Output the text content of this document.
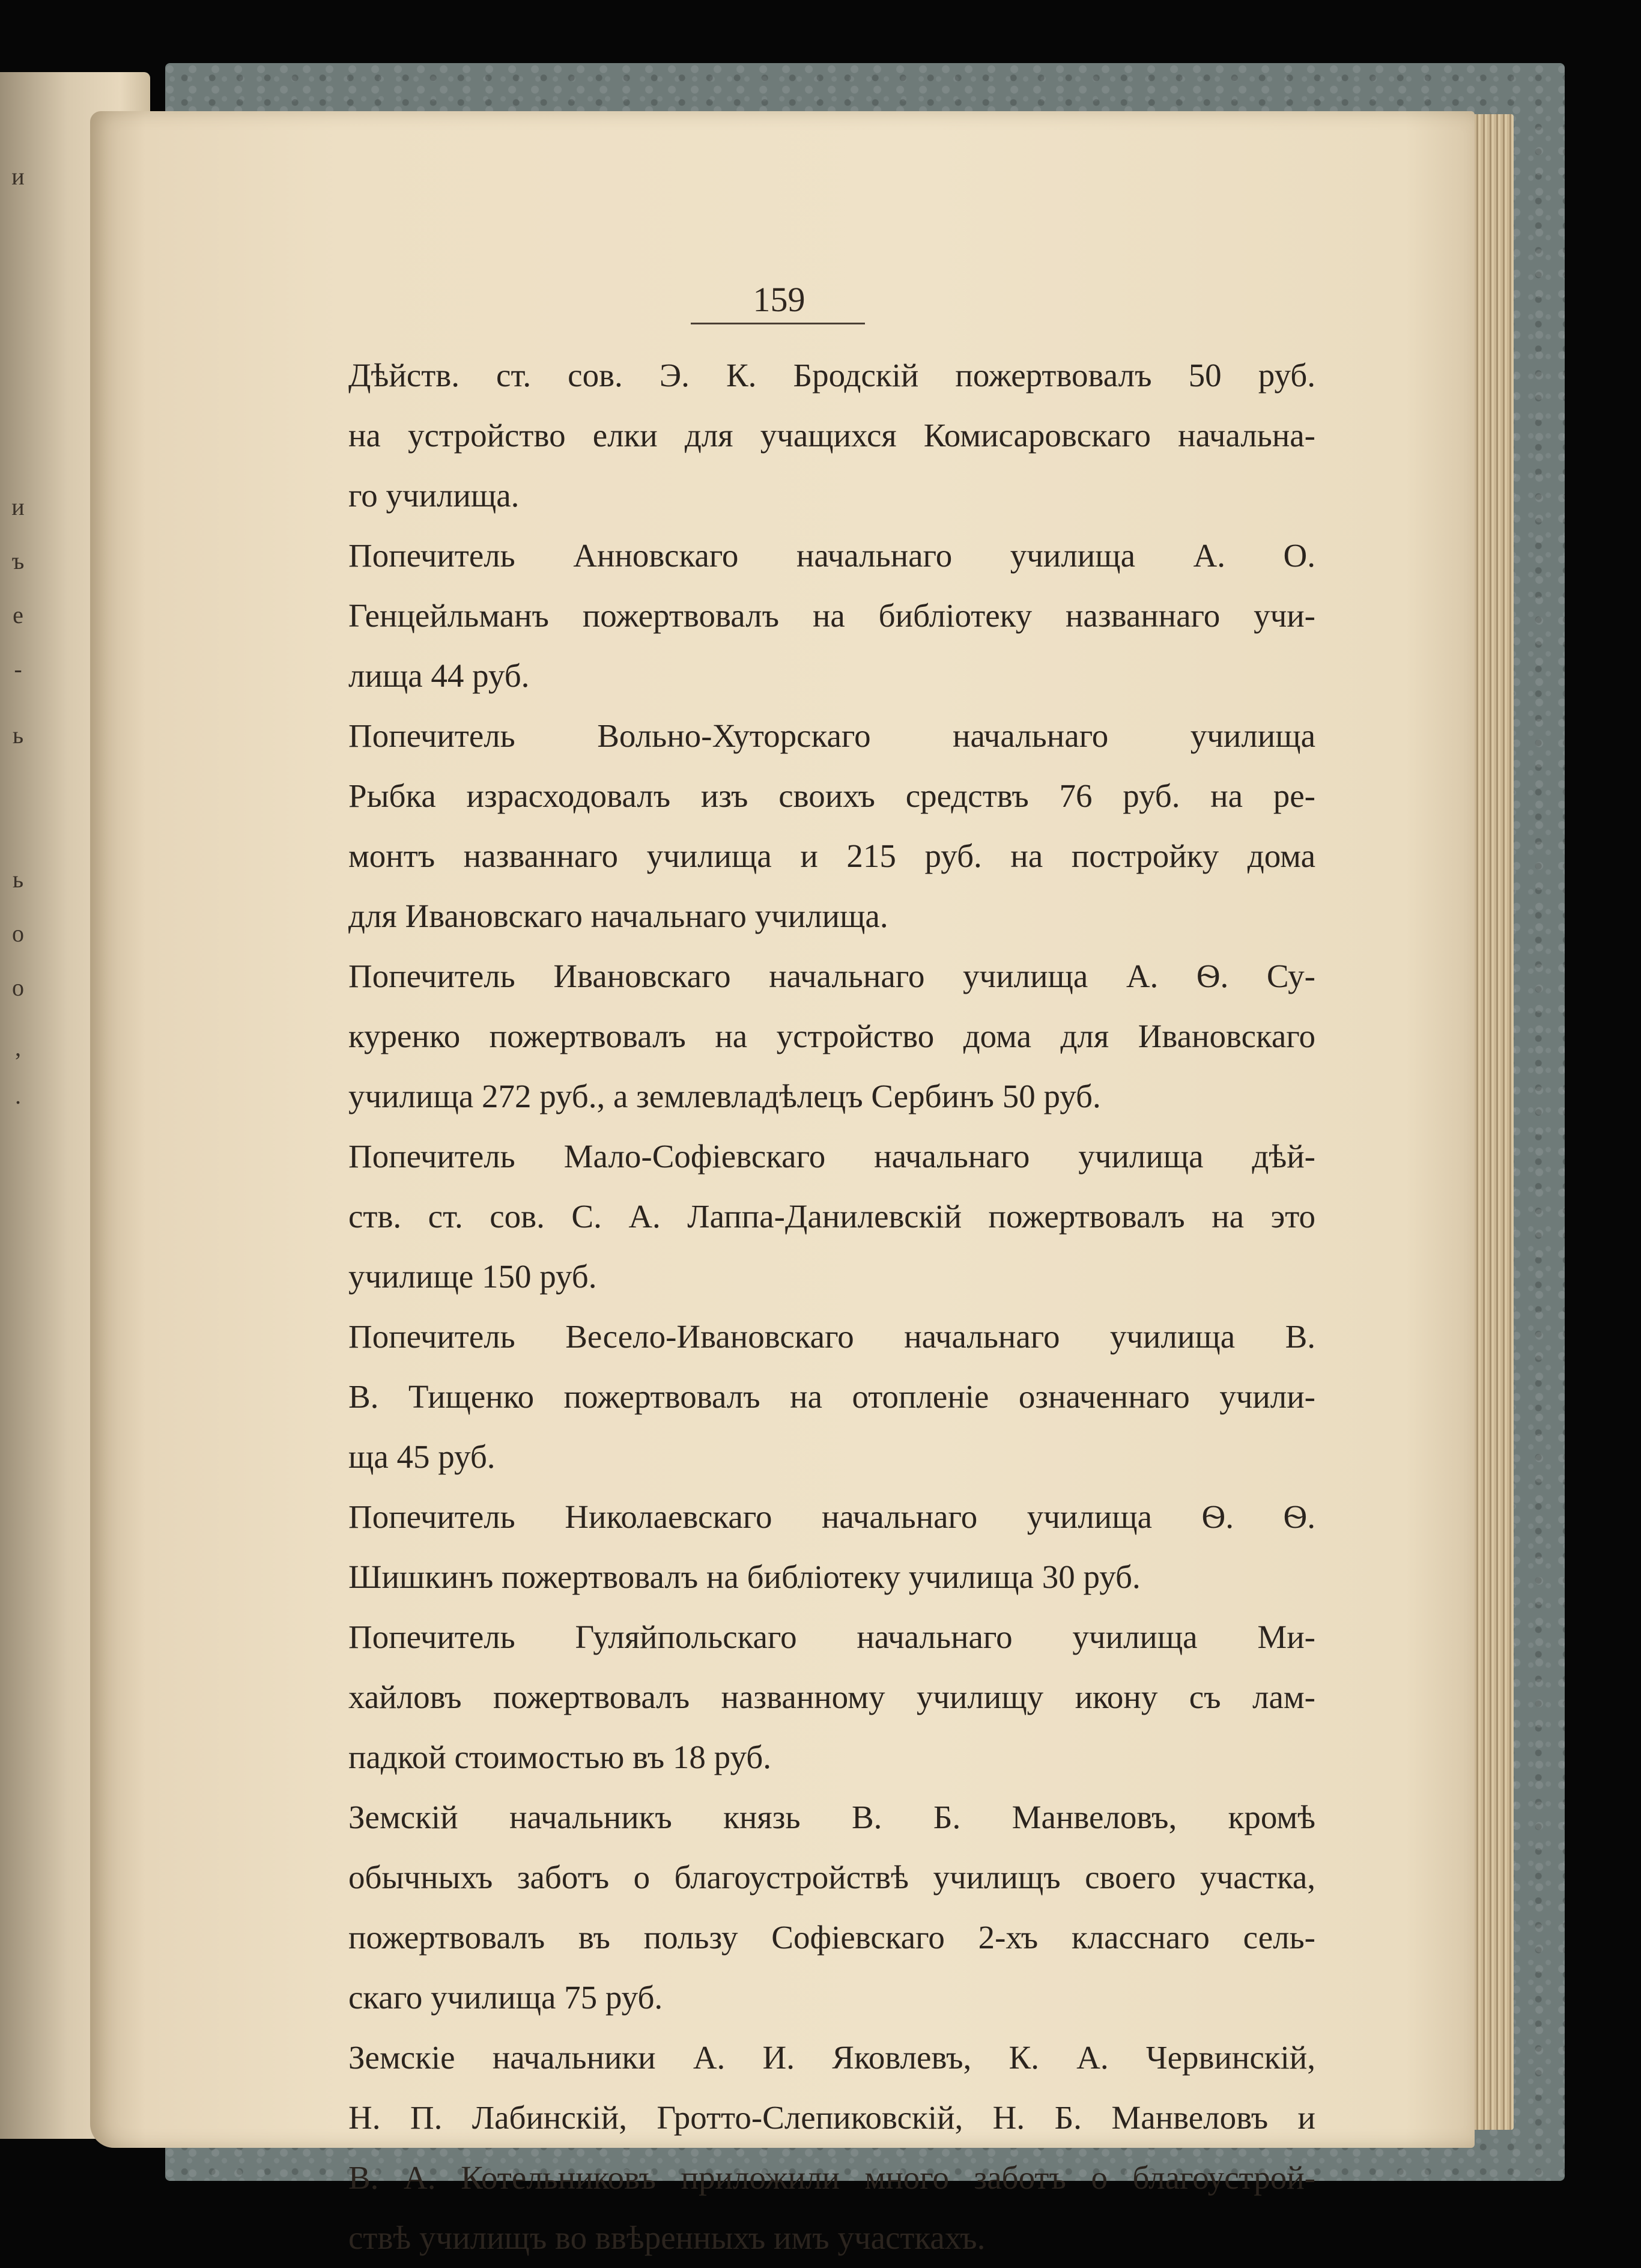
и
и
ъ
е
-
ь
ь
о
о
,
.
159

Дѣйств. ст. сов. Э. К. Бродскій пожертвовалъ 50 руб.
на устройство елки для учащихся Комисаровскаго начальна-
го училища.

Попечитель Анновскаго начальнаго училища А. О.
Генцейльманъ пожертвовалъ на библіотеку названнаго учи-
лища 44 руб.

Попечитель Вольно-Хуторскаго начальнаго училища
Рыбка израсходовалъ изъ своихъ средствъ 76 руб. на ре-
монтъ названнаго училища и 215 руб. на постройку дома
для Ивановскаго начальнаго училища.

Попечитель Ивановскаго начальнаго училища А. Ѳ. Су-
куренко пожертвовалъ на устройство дома для Ивановскаго
училища 272 руб., а землевладѣлецъ Сербинъ 50 руб.

Попечитель Мало-Софіевскаго начальнаго училища дѣй-
ств. ст. сов. С. А. Лаппа-Данилевскій пожертвовалъ на это
училище 150 руб.

Попечитель Весело-Ивановскаго начальнаго училища В.
В. Тищенко пожертвовалъ на отопленіе означеннаго учили-
ща 45 руб.

Попечитель Николаевскаго начальнаго училища Ѳ. Ѳ.
Шишкинъ пожертвовалъ на библіотеку училища 30 руб.

Попечитель Гуляйпольскаго начальнаго училища Ми-
хайловъ пожертвовалъ названному училищу икону съ лам-
падкой стоимостью въ 18 руб.

Земскій начальникъ князь В. Б. Манвеловъ, кромѣ
обычныхъ заботъ о благоустройствѣ училищъ своего участка,
пожертвовалъ въ пользу Софіевскаго 2-хъ класснаго сель-
скаго училища 75 руб.

Земскіе начальники А. И. Яковлевъ, К. А. Червинскій,
Н. П. Лабинскій, Гротто-Слепиковскій, Н. Б. Манвеловъ и
В. А. Котельниковъ приложили много заботъ о благоустрой-
ствѣ училищъ во ввѣренныхъ имъ участкахъ.
